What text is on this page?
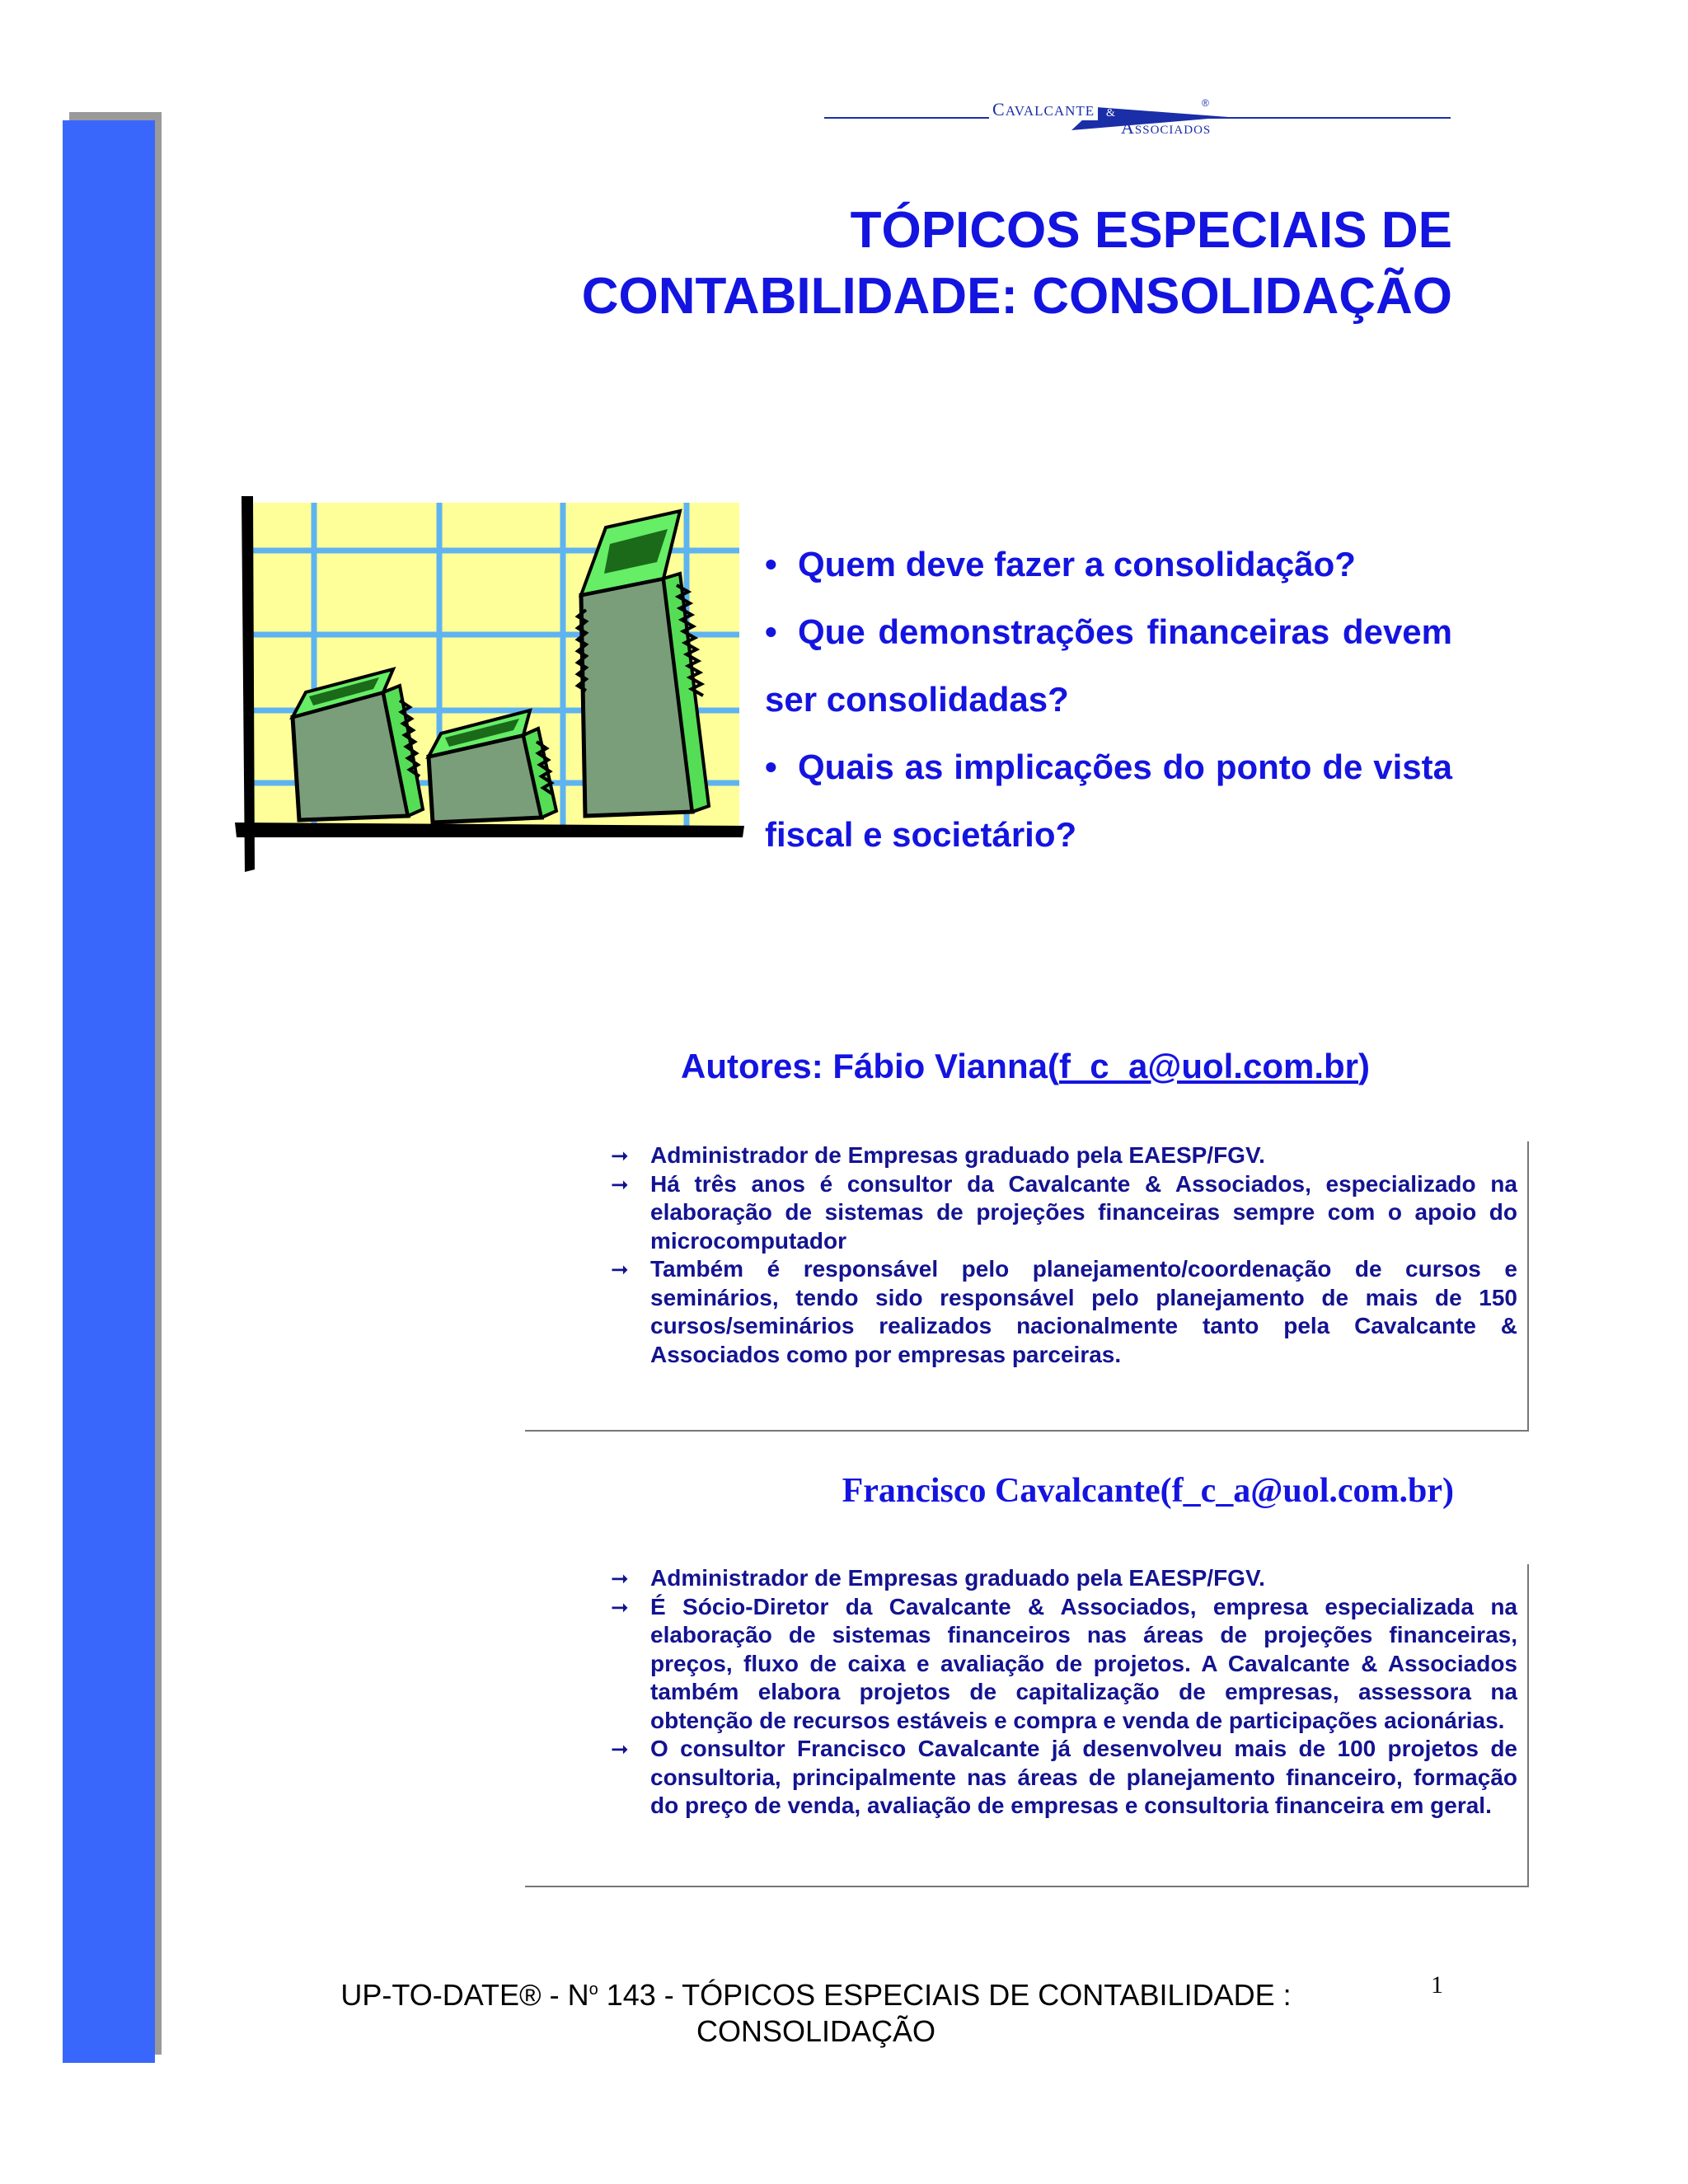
CAVALCANTE &
ASSOCIADOS
®
TÓPICOS ESPECIAIS DE
CONTABILIDADE: CONSOLIDAÇÃO

• Quem deve fazer a consolidação?

• Que demonstrações financeiras devem ser consolidadas?

• Quais as implicações do ponto de vista fiscal e societário?

Autores: Fábio Vianna(f_c_a@uol.com.br)
➞ Administrador de Empresas graduado pela EAESP/FGV.
➞ Há três anos é consultor da Cavalcante & Associados, especializado na elaboração de sistemas de projeções financeiras sempre com o apoio do microcomputador
➞ Também é responsável pelo planejamento/coordenação de cursos e seminários, tendo sido responsável pelo planejamento de mais de 150 cursos/seminários realizados nacionalmente tanto pela Cavalcante & Associados como por empresas parceiras.
Francisco Cavalcante(f_c_a@uol.com.br)
➞ Administrador de Empresas graduado pela EAESP/FGV.
➞ É Sócio-Diretor da Cavalcante & Associados, empresa especializada na elaboração de sistemas financeiros nas áreas de projeções financeiras, preços, fluxo de caixa e avaliação de projetos. A Cavalcante & Associados também elabora projetos de capitalização de empresas, assessora na obtenção de recursos estáveis e compra e venda de participações acionárias.
➞ O consultor Francisco Cavalcante já desenvolveu mais de 100 projetos de consultoria, principalmente nas áreas de planejamento financeiro, formação do preço de venda, avaliação de empresas e consultoria financeira em geral.
UP-TO-DATE® - $N^o$ 143 - TÓPICOS ESPECIAIS DE CONTABILIDADE :
CONSOLIDAÇÃO
1
